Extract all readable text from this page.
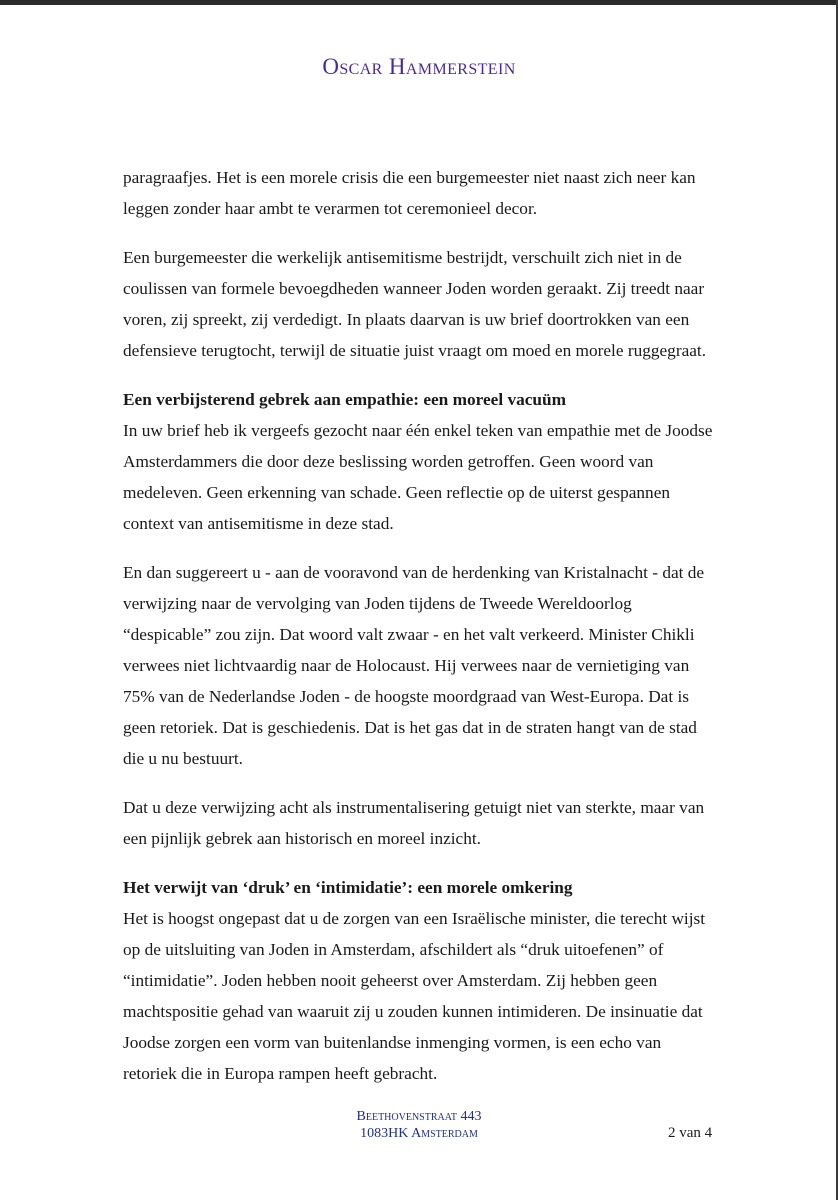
Oscar Hammerstein

paragraafjes. Het is een morele crisis die een burgemeester niet naast zich neer kan
leggen zonder haar ambt te verarmen tot ceremonieel decor.

Een burgemeester die werkelijk antisemitisme bestrijdt, verschuilt zich niet in de
coulissen van formele bevoegdheden wanneer Joden worden geraakt. Zij treedt naar
voren, zij spreekt, zij verdedigt. In plaats daarvan is uw brief doortrokken van een
defensieve terugtocht, terwijl de situatie juist vraagt om moed en morele ruggegraat.

Een verbijsterend gebrek aan empathie: een moreel vacuüm
In uw brief heb ik vergeefs gezocht naar één enkel teken van empathie met de Joodse
Amsterdammers die door deze beslissing worden getroffen. Geen woord van
medeleven. Geen erkenning van schade. Geen reflectie op de uiterst gespannen
context van antisemitisme in deze stad.

En dan suggereert u - aan de vooravond van de herdenking van Kristalnacht - dat de
verwijzing naar de vervolging van Joden tijdens de Tweede Wereldoorlog
“despicable” zou zijn. Dat woord valt zwaar - en het valt verkeerd. Minister Chikli
verwees niet lichtvaardig naar de Holocaust. Hij verwees naar de vernietiging van
75% van de Nederlandse Joden - de hoogste moordgraad van West-Europa. Dat is
geen retoriek. Dat is geschiedenis. Dat is het gas dat in de straten hangt van de stad
die u nu bestuurt.

Dat u deze verwijzing acht als instrumentalisering getuigt niet van sterkte, maar van
een pijnlijk gebrek aan historisch en moreel inzicht.

Het verwijt van ‘druk’ en ‘intimidatie’: een morele omkering
Het is hoogst ongepast dat u de zorgen van een Israëlische minister, die terecht wijst
op de uitsluiting van Joden in Amsterdam, afschildert als “druk uitoefenen” of
“intimidatie”. Joden hebben nooit geheerst over Amsterdam. Zij hebben geen
machtspositie gehad van waaruit zij u zouden kunnen intimideren. De insinuatie dat
Joodse zorgen een vorm van buitenlandse inmenging vormen, is een echo van
retoriek die in Europa rampen heeft gebracht.

Beethovenstraat 443
1083HK Amsterdam	2 van 4
